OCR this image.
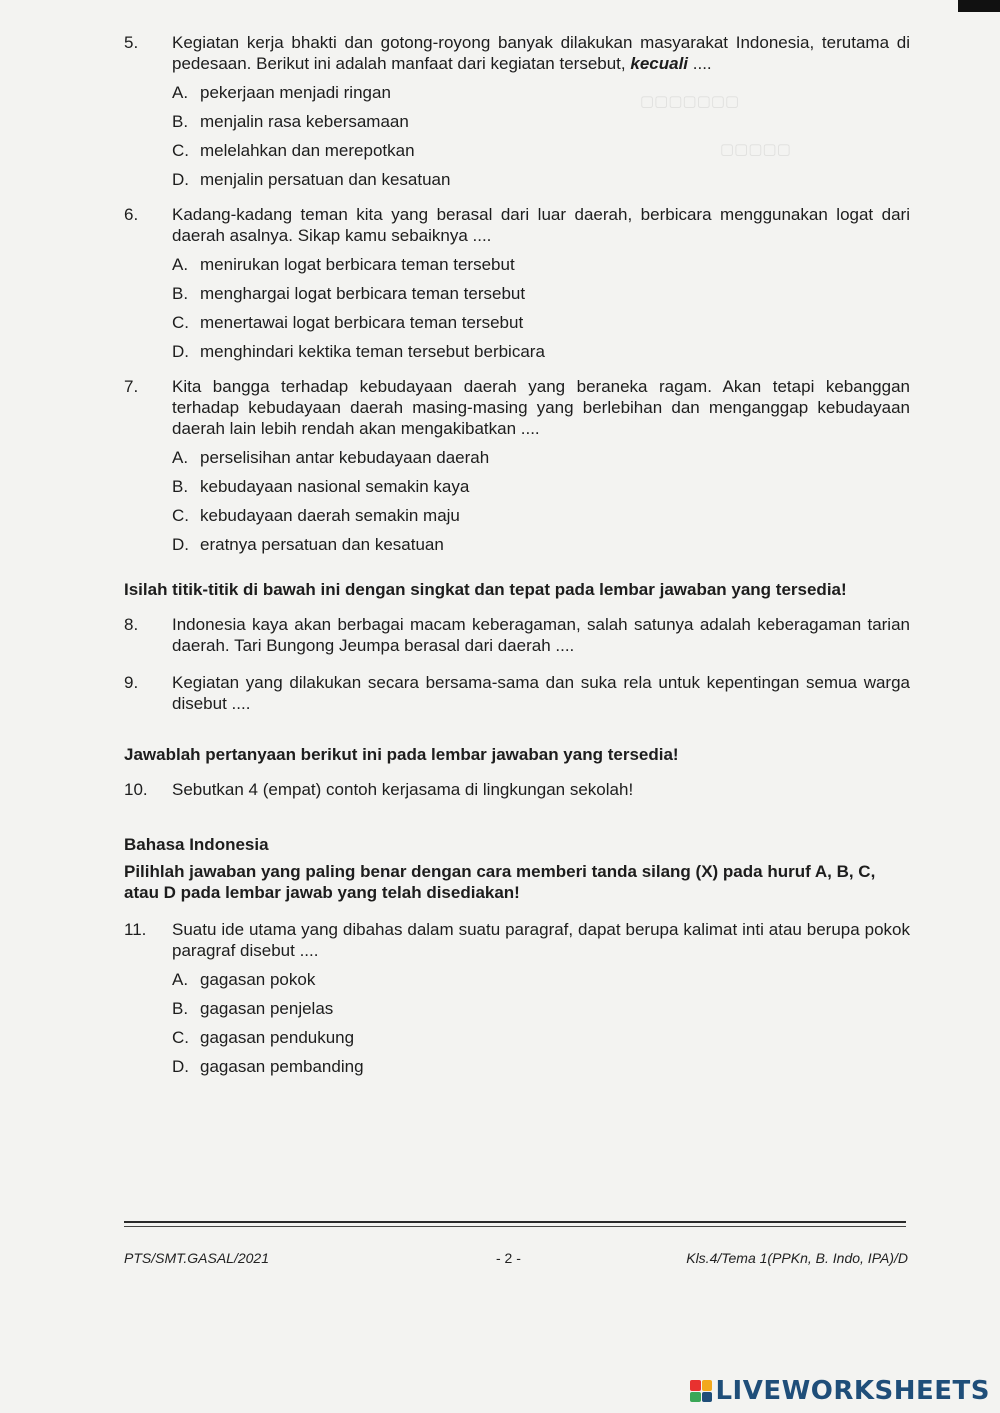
▢▢▢▢▢▢▢
▢▢▢▢▢
5. Kegiatan kerja bhakti dan gotong-royong banyak dilakukan masyarakat Indonesia, terutama di pedesaan. Berikut ini adalah manfaat dari kegiatan tersebut, kecuali ....
A. pekerjaan menjadi ringan
B. menjalin rasa kebersamaan
C. melelahkan dan merepotkan
D. menjalin persatuan dan kesatuan
6. Kadang-kadang teman kita yang berasal dari luar daerah, berbicara menggunakan logat dari daerah asalnya. Sikap kamu sebaiknya ....
A. menirukan logat berbicara teman tersebut
B. menghargai logat berbicara teman tersebut
C. menertawai logat berbicara teman tersebut
D. menghindari kektika teman tersebut berbicara
7. Kita bangga terhadap kebudayaan daerah yang beraneka ragam. Akan tetapi kebanggan terhadap kebudayaan daerah masing-masing yang berlebihan dan menganggap kebudayaan daerah lain lebih rendah akan mengakibatkan ....
A. perselisihan antar kebudayaan daerah
B. kebudayaan nasional semakin kaya
C. kebudayaan daerah semakin maju
D. eratnya persatuan dan kesatuan
Isilah titik-titik di bawah ini dengan singkat dan tepat pada lembar jawaban yang tersedia!
8. Indonesia kaya akan berbagai macam keberagaman, salah satunya adalah keberagaman tarian daerah. Tari Bungong Jeumpa berasal dari daerah ....
9. Kegiatan yang dilakukan secara bersama-sama dan suka rela untuk kepentingan semua warga disebut ....
Jawablah pertanyaan berikut ini pada lembar jawaban yang tersedia!
10. Sebutkan 4 (empat) contoh kerjasama di lingkungan sekolah!
Bahasa Indonesia
Pilihlah jawaban yang paling benar dengan cara memberi tanda silang (X) pada huruf A, B, C, atau D pada lembar jawab yang telah disediakan!
11. Suatu ide utama yang dibahas dalam suatu paragraf, dapat berupa kalimat inti atau berupa pokok paragraf disebut ....
A. gagasan pokok
B. gagasan penjelas
C. gagasan pendukung
D. gagasan pembanding
PTS/SMT.GASAL/2021	- 2 -	Kls.4/Tema 1(PPKn, B. Indo, IPA)/D
LIVEWORKSHEETS
